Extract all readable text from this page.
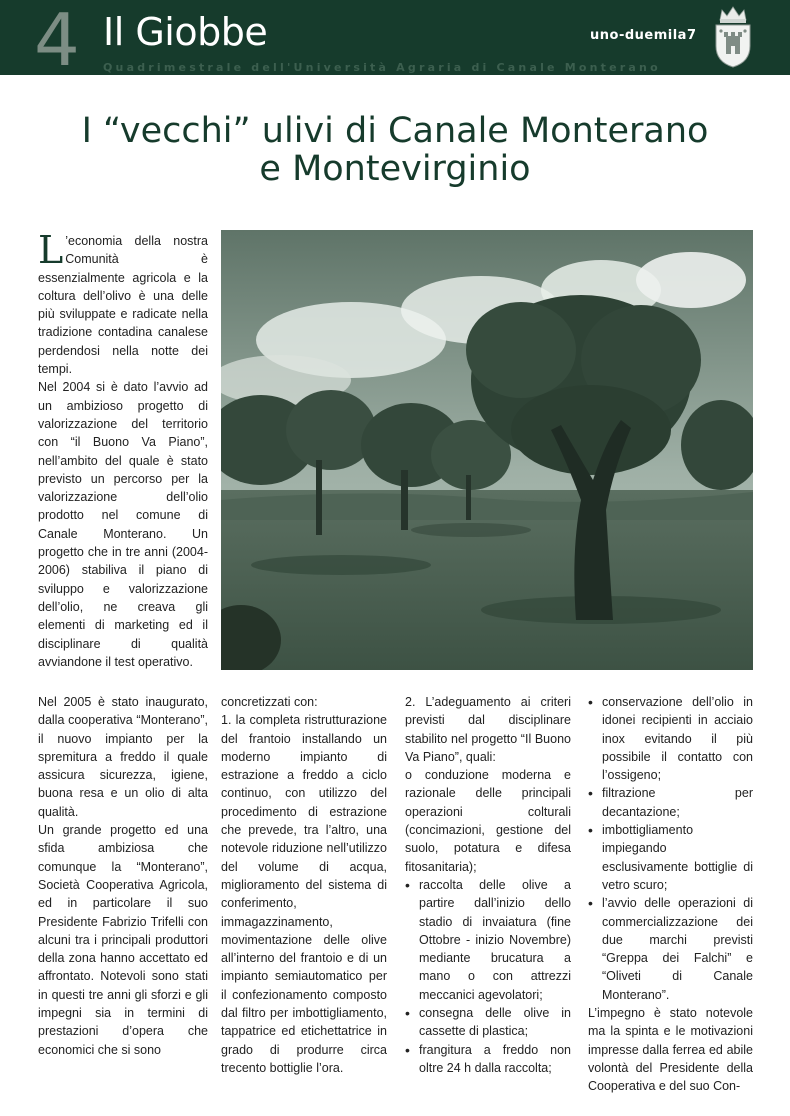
4 Il Giobbe
Quadrimestrale dell'Università Agraria di Canale Monterano
uno-duemila7
I “vecchi” ulivi di Canale Monterano
e Montevirginio

L ’economia della nostra Comunità è essenzialmente agricola e la coltura dell’olivo è una delle più sviluppate e radicate nella tradizione contadina canalese perdendosi nella notte dei tempi.

Nel 2004 si è dato l’avvio ad un ambizioso progetto di valorizzazione del territorio con “il Buono Va Piano”, nell’ambito del quale è stato previsto un percorso per la valorizzazione dell’olio prodotto nel comune di Canale Monterano. Un progetto che in tre anni (2004-2006) stabiliva il piano di sviluppo e valorizzazione dell’olio, ne creava gli elementi di marketing ed il disciplinare di qualità avviandone il test operativo.

Nel 2005 è stato inaugurato, dalla cooperativa “Monterano”, il nuovo impianto per la spremitura a freddo il quale assicura sicurezza, igiene, buona resa e un olio di alta qualità.

Un grande progetto ed una sfida ambiziosa che comunque la “Monterano”, Società Cooperativa Agricola, ed in particolare il suo Presidente Fabrizio Trifelli con alcuni tra i principali produttori della zona hanno accettato ed affrontato. Notevoli sono stati in questi tre anni gli sforzi e gli impegni sia in termini di prestazioni d’opera che economici che si sono

concretizzati con:

1. la completa ristrutturazione del frantoio installando un moderno impianto di estrazione a freddo a ciclo continuo, con utilizzo del procedimento di estrazione che prevede, tra l’altro, una notevole riduzione nell’utilizzo del volume di acqua, miglioramento del sistema di conferimento, immagazzinamento, movimentazione delle olive all’interno del frantoio e di un impianto semiautomatico per il confezionamento composto dal filtro per imbottigliamento, tappatrice ed etichettatrice in grado di produrre circa trecento bottiglie l’ora.

2. L’adeguamento ai criteri previsti dal disciplinare stabilito nel progetto “Il Buono Va Piano”, quali:

o conduzione moderna e razionale delle principali operazioni colturali (concimazioni, gestione del suolo, potatura e difesa fitosanitaria);

• raccolta delle olive a partire dall’inizio dello stadio di invaiatura (fine Ottobre - inizio Novembre) mediante brucatura a mano o con attrezzi meccanici agevolatori;
• consegna delle olive in cassette di plastica;
• frangitura a freddo non oltre 24 h dalla raccolta;
• conservazione dell’olio in idonei recipienti in acciaio inox evitando il più possibile il contatto con l’ossigeno;
• filtrazione per decantazione;
• imbottigliamento impiegando esclusivamente bottiglie di vetro scuro;
• l’avvio delle operazioni di commercializzazione dei due marchi previsti “Greppa dei Falchi” e “Oliveti di Canale Monterano”.

L’impegno è stato notevole ma la spinta e le motivazioni impresse dalla ferrea ed abile volontà del Presidente della Cooperativa e del suo Con-
